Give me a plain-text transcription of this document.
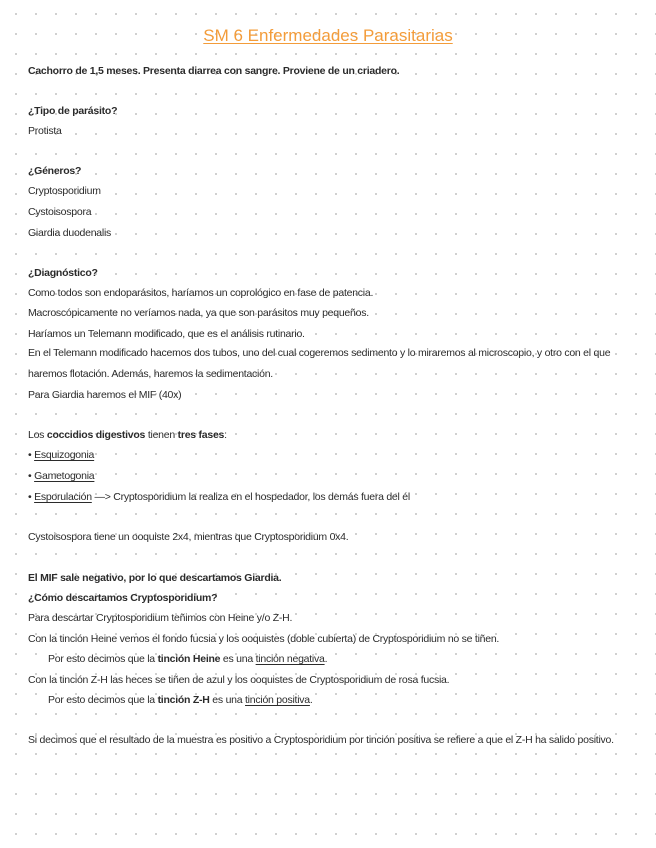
SM 6 Enfermedades Parasitarias
Cachorro de 1,5 meses. Presenta diarrea con sangre. Proviene de un criadero.
¿Tipo de parásito?
Protista
¿Géneros?
Cryptosporidium
Cystoisospora
Giardia duodenalis
¿Diagnóstico?
Como todos son endoparásitos, haríamos un coprológico en fase de patencia.
Macroscópicamente no veríamos nada, ya que son parásitos muy pequeños.
Haríamos un Telemann modificado, que es el análisis rutinario.
En el Telemann modificado hacemos dos tubos, uno del cual cogeremos sedimento y lo miraremos al microscopio, y otro con el que haremos flotación. Además, haremos la sedimentación.
Para Giardia haremos el MIF (40x)
Los coccidios digestivos tienen tres fases:
• Esquizogonia
• Gametogonia
• Esporulación —> Cryptosporidium la realiza en el hospedador, los demás fuera del él
Cystoisospora tiene un ooquiste 2x4, mientras que Cryptosporidium 0x4.
El MIF sale negativo, por lo que descartamos Giardia.
¿Cómo descartamos Cryptosporidium?
Para descartar Cryptosporidium teñimos con Heine y/o Z-H.
Con la tinción Heine vemos el fondo fucsia y los ooquistes (doble cubierta) de Cryptosporidium no se tiñen.
Por esto decimos que la tinción Heine es una tinción negativa.
Con la tinción Z-H las heces se tiñen de azul y los ooquistes de Cryptosporidium de rosa fucsia.
Por esto decimos que la tinción Z-H es una tinción positiva.
Si decimos que el resultado de la muestra es positivo a Cryptosporidium por tinción positiva se refiere a que el Z-H ha salido positivo.
